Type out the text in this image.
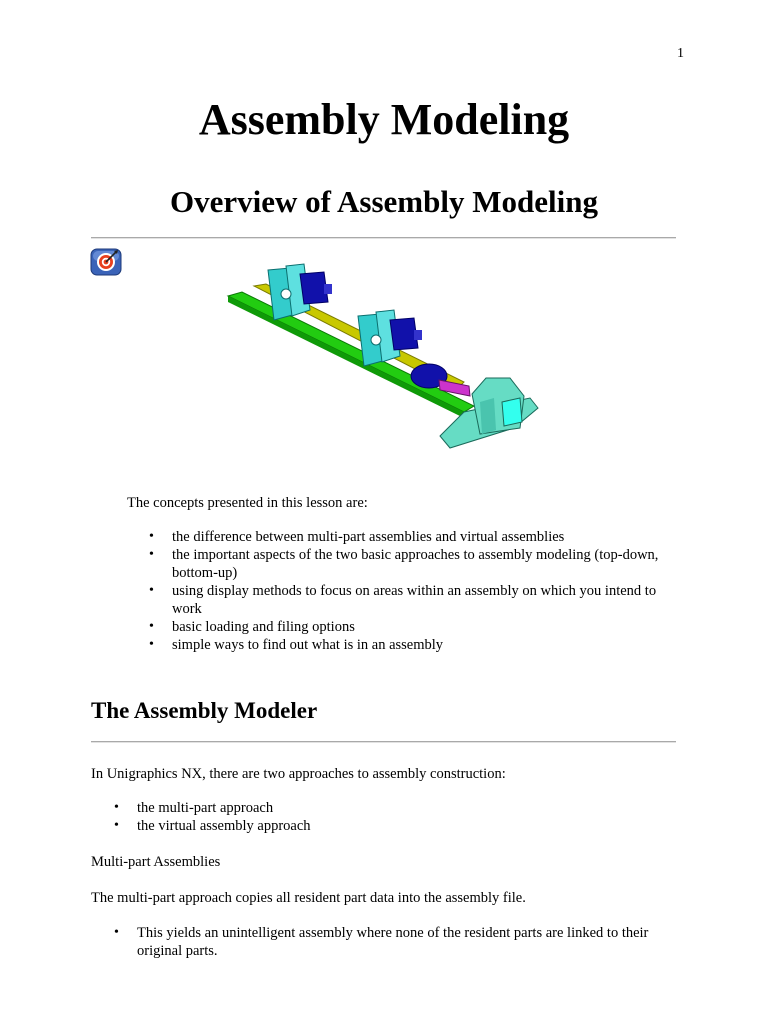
1
Assembly Modeling
Overview of Assembly Modeling

The concepts presented in this lesson are:

• the difference between multi-part assemblies and virtual assemblies
• the important aspects of the two basic approaches to assembly modeling (top-down, bottom-up)
• using display methods to focus on areas within an assembly on which you intend to work
• basic loading and filing options
• simple ways to find out what is in an assembly
The Assembly Modeler

In Unigraphics NX, there are two approaches to assembly construction:

• the multi-part approach
• the virtual assembly approach

Multi-part Assemblies

The multi-part approach copies all resident part data into the assembly file.

• This yields an unintelligent assembly where none of the resident parts are linked to their original parts.
